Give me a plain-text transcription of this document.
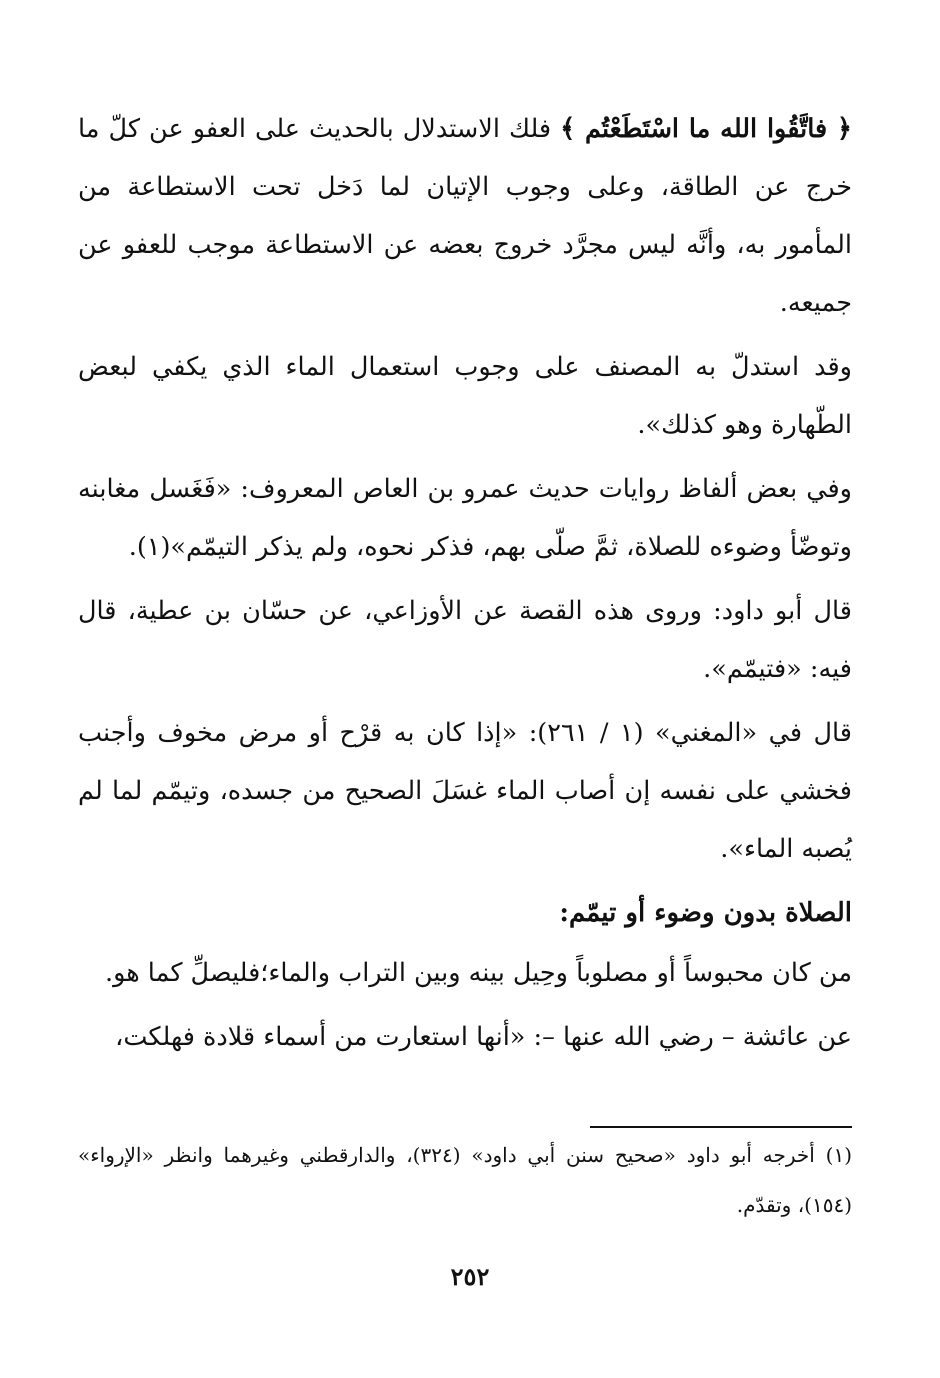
﴿ فاتَّقُوا الله ما اسْتَطَعْتُم ﴾ فلك الاستدلال بالحديث على العفو عن كلّ ما خرج عن الطاقة، وعلى وجوب الإتيان لما دَخل تحت الاستطاعة من المأمور به، وأنَّه ليس مجرَّد خروج بعضه عن الاستطاعة موجب للعفو عن جميعه.

وقد استدلّ به المصنف على وجوب استعمال الماء الذي يكفي لبعض الطّهارة وهو كذلك».

وفي بعض ألفاظ روايات حديث عمرو بن العاص المعروف: «فَغَسل مغابنه وتوضّأ وضوءه للصلاة، ثمَّ صلّى بهم، فذكر نحوه، ولم يذكر التيمّم»(١).

قال أبو داود: وروى هذه القصة عن الأوزاعي، عن حسّان بن عطية، قال فيه: «فتيمّم».

قال في «المغني» (١ / ٢٦١): «إذا كان به قرْح أو مرض مخوف وأجنب فخشي على نفسه إن أصاب الماء غسَلَ الصحيح من جسده، وتيمّم لما لم يُصبه الماء».

الصلاة بدون وضوء أو تيمّم:

من كان محبوساً أو مصلوباً وحِيل بينه وبين التراب والماء؛فليصلِّ كما هو.

عن عائشة – رضي الله عنها –: «أنها استعارت من أسماء قلادة فهلكت،

(١) أخرجه أبو داود «صحيح سنن أبي داود» (٣٢٤)، والدارقطني وغيرهما وانظر «الإرواء» (١٥٤)، وتقدّم.

٢٥٢
